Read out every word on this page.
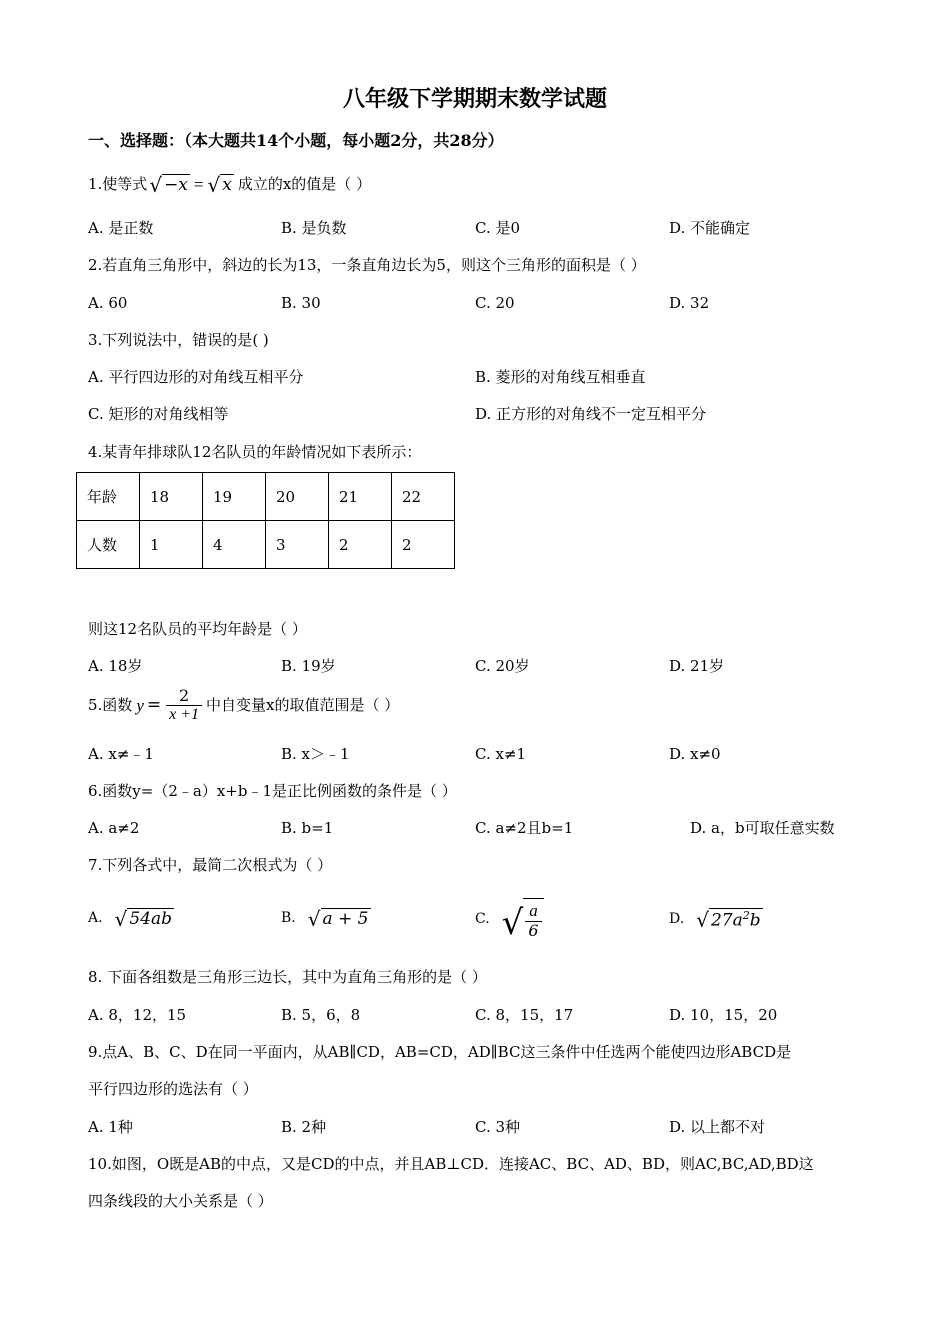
八年级下学期期末数学试题
一、选择题：（本大题共14个小题，每小题2分，共28分）
1.使等式 √ −x = √ x 成立的x的值是（ ）
A. 是正数	B. 是负数	C. 是0	D. 不能确定
2.若直角三角形中，斜边的长为13，一条直角边长为5，则这个三角形的面积是（ ）
A. 60	B. 30	C. 20	D. 32
3.下列说法中，错误的是( )
A. 平行四边形的对角线互相平分	B. 菱形的对角线互相垂直
C. 矩形的对角线相等	D. 正方形的对角线不一定互相平分
4.某青年排球队12名队员的年龄情况如下表所示：
年龄	18	19	20	21	22
人数	1	4	3	2	2
则这12名队员的平均年龄是（ ）
A. 18岁	B. 19岁	C. 20岁	D. 21岁
5.函数 $y = \frac{2}{x +1}$ 中自变量x的取值范围是（ ）
A. x≠﹣1	B. x＞﹣1	C. x≠1	D. x≠0
6.函数y=（2﹣a）x+b﹣1是正比例函数的条件是（ ）
A. a≠2	B. b=1	C. a≠2且b=1	D. a，b可取任意实数
7.下列各式中，最简二次根式为（ ）
A. √ 54ab	B. √ a + 5	C. √ $\frac{a}{6}$	D. √ $27a^2b$
8. 下面各组数是三角形三边长，其中为直角三角形的是（ ）
A. 8，12，15	B. 5，6，8	C. 8，15，17	D. 10，15，20
9.点A、B、C、D在同一平面内，从AB∥CD，AB=CD，AD∥BC这三条件中任选两个能使四边形ABCD是
平行四边形的选法有（ ）
A. 1种	B. 2种	C. 3种	D. 以上都不对
10.如图，O既是AB的中点，又是CD的中点，并且AB⊥CD．连接AC、BC、AD、BD，则AC,BC,AD,BD这
四条线段的大小关系是（ ）
